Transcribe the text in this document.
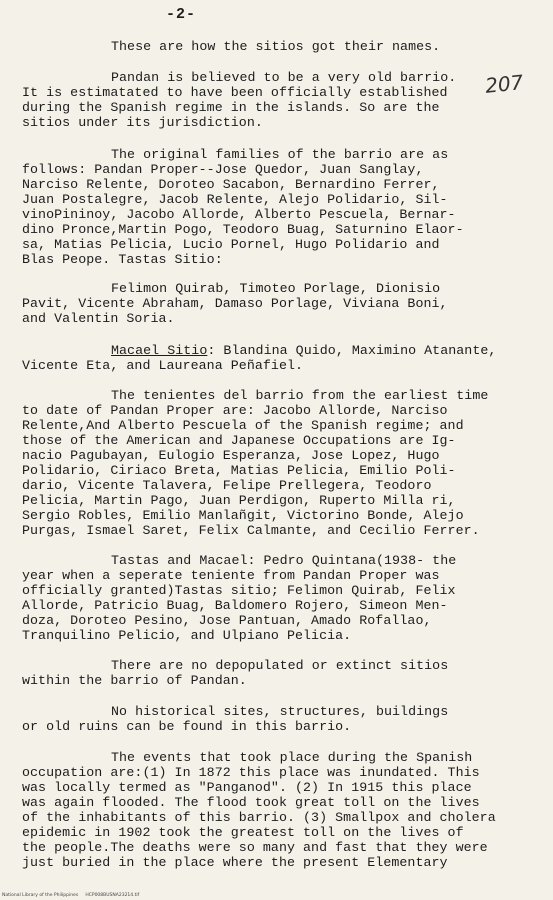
-2-
207
These are how the sitios got their names.
Pandan is believed to be a very old barrio.
It is estimatated to have been officially established
during the Spanish regime in the islands. So are the
sitios under its jurisdiction.
The original families of the barrio are as
follows: Pandan Proper--Jose Quedor, Juan Sanglay,
Narciso Relente, Doroteo Sacabon, Bernardino Ferrer,
Juan Postalegre, Jacob Relente, Alejo Polidario, Sil-
vinoPininoy, Jacobo Allorde, Alberto Pescuela, Bernar-
dino Pronce,Martin Pogo, Teodoro Buag, Saturnino Elaor-
sa, Matias Pelicia, Lucio Pornel, Hugo Polidario and
Blas Peope. Tastas Sitio:
Felimon Quirab, Timoteo Porlage, Dionisio
Pavit, Vicente Abraham, Damaso Porlage, Viviana Boni,
and Valentin Soria.
Macael Sitio: Blandina Quido, Maximino Atanante,
Vicente Eta, and Laureana Peñafiel.
The tenientes del barrio from the earliest time
to date of Pandan Proper are: Jacobo Allorde, Narciso
Relente,And Alberto Pescuela of the Spanish regime; and
those of the American and Japanese Occupations are Ig-
nacio Pagubayan, Eulogio Esperanza, Jose Lopez, Hugo
Polidario, Ciriaco Breta, Matias Pelicia, Emilio Poli-
dario, Vicente Talavera, Felipe Prellegera, Teodoro
Pelicia, Martin Pago, Juan Perdigon, Ruperto Milla ri,
Sergio Robles, Emilio Manlañgit, Victorino Bonde, Alejo
Purgas, Ismael Saret, Felix Calmante, and Cecilio Ferrer.
Tastas and Macael: Pedro Quintana(1938- the
year when a seperate teniente from Pandan Proper was
officially granted)Tastas sitio; Felimon Quirab, Felix
Allorde, Patricio Buag, Baldomero Rojero, Simeon Men-
doza, Doroteo Pesino, Jose Pantuan, Amado Rofallao,
Tranquilino Pelicio, and Ulpiano Pelicia.
There are no depopulated or extinct sitios
within the barrio of Pandan.
No historical sites, structures, buildings
or old ruins can be found in this barrio.
The events that took place during the Spanish
occupation are:(1) In 1872 this place was inundated. This
was locally termed as "Panganod". (2) In 1915 this place
was again flooded. The flood took great toll on the lives
of the inhabitants of this barrio. (3) Smallpox and cholera
epidemic in 1902 took the greatest toll on the lives of
the people.The deaths were so many and fast that they were
just buried in the place where the present Elementary
National Library of the Philippines     HCP008BUSNA23214.tif
